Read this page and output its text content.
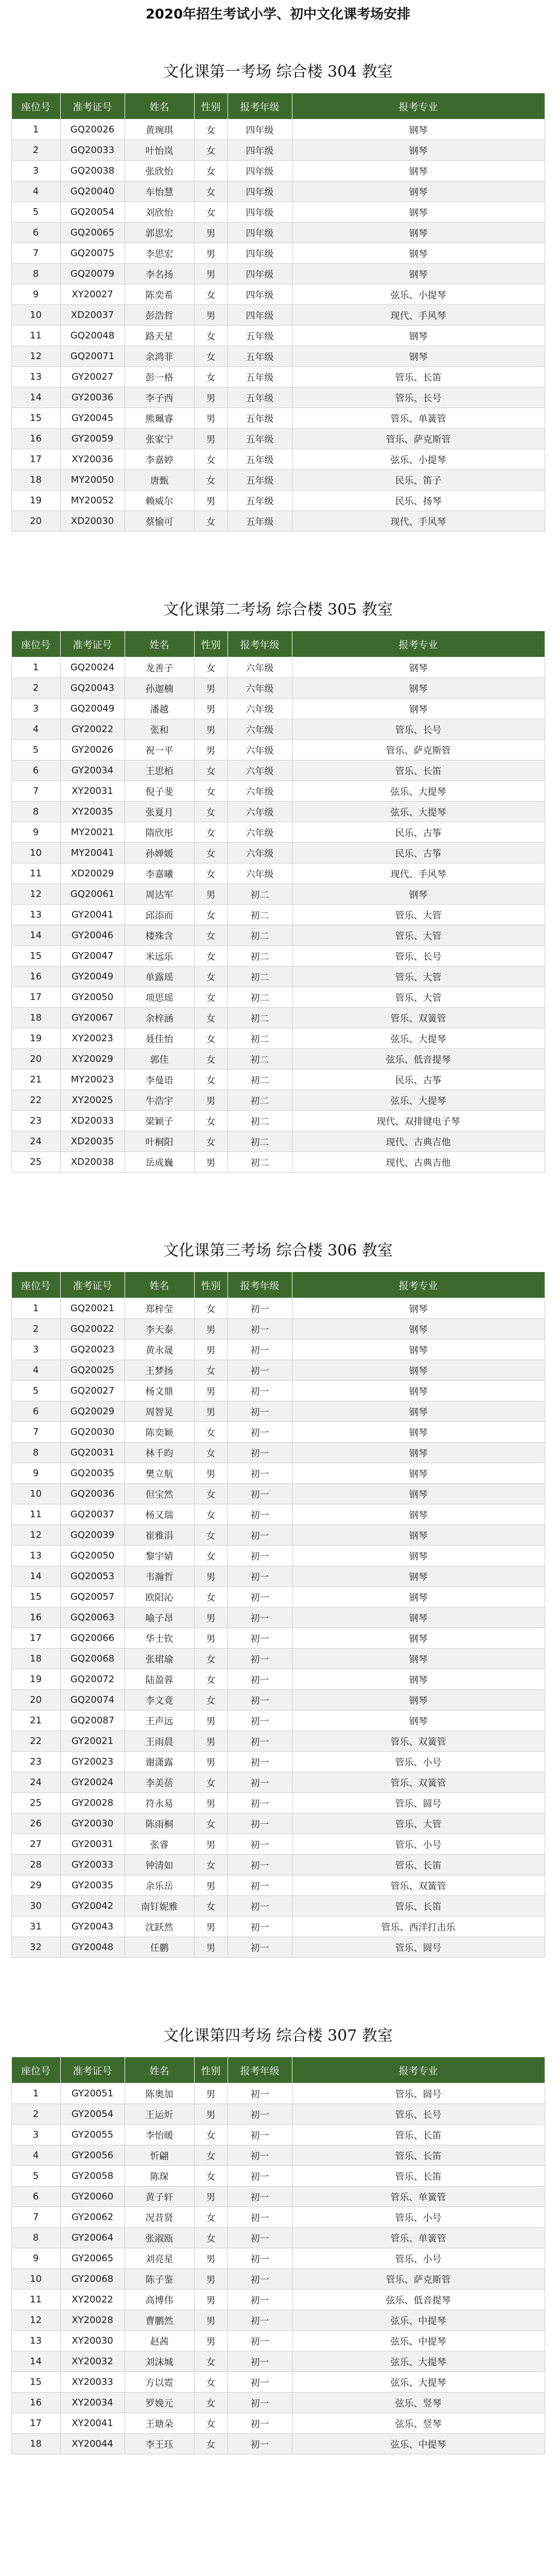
2020年招生考试小学、初中文化课考场安排
文化课第一考场 综合楼 304 教室
座位号	准考证号	姓名	性别	报考年级	报考专业
1	GQ20026	黄琬琪	女	四年级	钢琴
2	GQ20033	叶怡岚	女	四年级	钢琴
3	GQ20038	张欣怡	女	四年级	钢琴
4	GQ20040	车怡慧	女	四年级	钢琴
5	GQ20054	刘欣怡	女	四年级	钢琴
6	GQ20065	郭思宏	男	四年级	钢琴
7	GQ20075	李思宏	男	四年级	钢琴
8	GQ20079	李名扬	男	四年级	钢琴
9	XY20027	陈奕希	女	四年级	弦乐、小提琴
10	XD20037	彭浩哲	男	四年级	现代、手风琴
11	GQ20048	路天星	女	五年级	钢琴
12	GQ20071	余鸿菲	女	五年级	钢琴
13	GY20027	彭一格	女	五年级	管乐、长笛
14	GY20036	李子西	男	五年级	管乐、长号
15	GY20045	熊珮睿	男	五年级	管乐、单簧管
16	GY20059	张家宁	男	五年级	管乐、萨克斯管
17	XY20036	李嘉婷	女	五年级	弦乐、小提琴
18	MY20050	唐甄	女	五年级	民乐、笛子
19	MY20052	赖威尔	男	五年级	民乐、扬琴
20	XD20030	蔡愉可	女	五年级	现代、手风琴
文化课第二考场 综合楼 305 教室
座位号	准考证号	姓名	性别	报考年级	报考专业
1	GQ20024	龙善子	女	六年级	钢琴
2	GQ20043	孙迦楠	男	六年级	钢琴
3	GQ20049	潘越	男	六年级	钢琴
4	GY20022	张和	男	六年级	管乐、长号
5	GY20026	祝一平	男	六年级	管乐、萨克斯管
6	GY20034	王思栢	女	六年级	管乐、长笛
7	XY20031	倪子斐	女	六年级	弦乐、大提琴
8	XY20035	张夏月	女	六年级	弦乐、大提琴
9	MY20021	隋欣彤	女	六年级	民乐、古筝
10	MY20041	孙婵媛	女	六年级	民乐、古筝
11	XD20029	李嘉曦	女	六年级	现代、手风琴
12	GQ20061	周达军	男	初二	钢琴
13	GY20041	邱添而	女	初二	管乐、大管
14	GY20046	楼殊含	女	初二	管乐、大管
15	GY20047	米远乐	女	初二	管乐、长号
16	GY20049	单露瑶	女	初二	管乐、大管
17	GY20050	项思瑶	女	初二	管乐、大管
18	GY20067	余梓涵	女	初二	管乐、双簧管
19	XY20023	聂佳怡	女	初二	弦乐、大提琴
20	XY20029	郭佳	女	初二	弦乐、低音提琴
21	MY20023	李曼语	女	初二	民乐、古筝
22	XY20025	牛浩宇	男	初二	弦乐、大提琴
23	XD20033	梁颖子	女	初二	现代、双排键电子琴
24	XD20035	叶桐阳	女	初二	现代、古典吉他
25	XD20038	岳成巍	男	初二	现代、古典吉他
文化课第三考场 综合楼 306 教室
座位号	准考证号	姓名	性别	报考年级	报考专业
1	GQ20021	郑梓莹	女	初一	钢琴
2	GQ20022	李天泰	男	初一	钢琴
3	GQ20023	黄永晟	男	初一	钢琴
4	GQ20025	王梦扬	女	初一	钢琴
5	GQ20027	杨文鼎	男	初一	钢琴
6	GQ20029	周智晃	男	初一	钢琴
7	GQ20030	陈奕颖	女	初一	钢琴
8	GQ20031	林千昀	女	初一	钢琴
9	GQ20035	樊立航	男	初一	钢琴
10	GQ20036	但宝然	女	初一	钢琴
11	GQ20037	杨又瑞	女	初一	钢琴
12	GQ20039	崔雅涓	女	初一	钢琴
13	GQ20050	黎宇婧	女	初一	钢琴
14	GQ20053	韦瀚哲	男	初一	钢琴
15	GQ20057	欧阳沁	女	初一	钢琴
16	GQ20063	喻子昂	男	初一	钢琴
17	GQ20066	华士钦	男	初一	钢琴
18	GQ20068	张珺瑜	女	初一	钢琴
19	GQ20072	陆盈蓉	女	初一	钢琴
20	GQ20074	李文竟	女	初一	钢琴
21	GQ20087	王声远	男	初一	钢琴
22	GY20021	王雨晨	男	初一	管乐、双簧管
23	GY20023	谢潇露	男	初一	管乐、小号
24	GY20024	李美蓓	女	初一	管乐、双簧管
25	GY20028	符永易	男	初一	管乐、圆号
26	GY20030	陈雨桐	女	初一	管乐、大管
27	GY20031	张睿	男	初一	管乐、小号
28	GY20033	钟清如	女	初一	管乐、长笛
29	GY20035	余乐岳	男	初一	管乐、双簧管
30	GY20042	南钉妮雅	女	初一	管乐、长笛
31	GY20043	沈跃然	男	初一	管乐、西洋打击乐
32	GY20048	任鹏	男	初一	管乐、圆号
文化课第四考场 综合楼 307 教室
座位号	准考证号	姓名	性别	报考年级	报考专业
1	GY20051	陈奥加	男	初一	管乐、圆号
2	GY20054	王运炘	男	初一	管乐、长号
3	GY20055	李怡暖	女	初一	管乐、长笛
4	GY20056	忻翩	女	初一	管乐、长笛
5	GY20058	陈琛	女	初一	管乐、长笛
6	GY20060	黄子轩	男	初一	管乐、单簧管
7	GY20062	况昔贤	女	初一	管乐、小号
8	GY20064	张淑瓯	女	初一	管乐、单簧管
9	GY20065	刘亮星	男	初一	管乐、小号
10	GY20068	陈子鉴	男	初一	管乐、萨克斯管
11	XY20022	高博伟	男	初一	弦乐、低音提琴
12	XY20028	曹鹏然	男	初一	弦乐、中提琴
13	XY20030	赵茜	男	初一	弦乐、中提琴
14	XY20032	刘沫城	女	初一	弦乐、大提琴
15	XY20033	方以霓	女	初一	弦乐、大提琴
16	XY20034	罗娩元	女	初一	弦乐、竖琴
17	XY20041	王瑭朵	女	初一	弦乐、竖琴
18	XY20044	李王珏	女	初一	弦乐、中提琴
